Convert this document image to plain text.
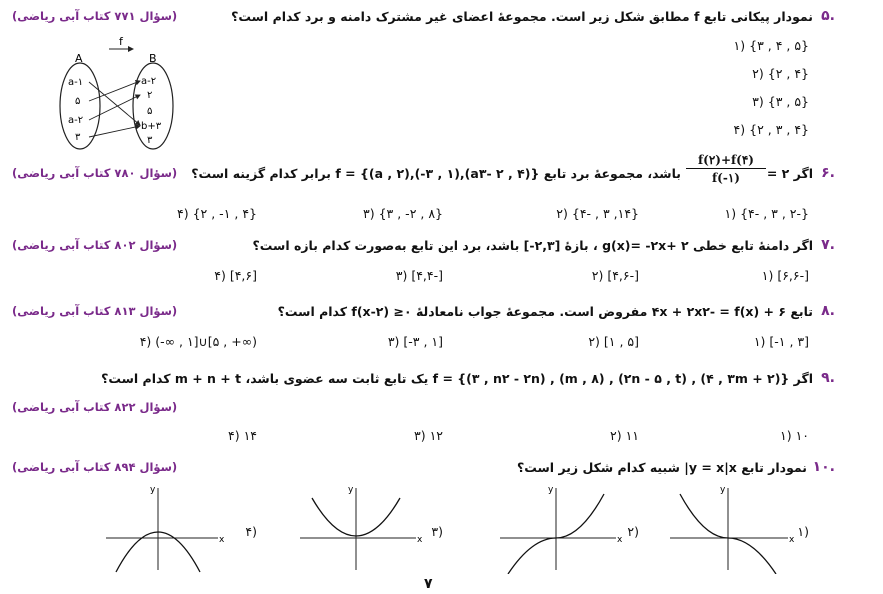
۵.
نمودار پیکانی تابع f مطابق شکل زیر است. مجموعهٔ اعضای غیر مشترک دامنه و برد کدام است؟
(سؤال ۷۷۱ کتاب آبی ریاضی)
۱) {۳ , ۴ , ۵}
۲) {۲ , ۴}
۳) {۳ , ۵}
۴) {۲ , ۳ , ۴}
f
A	B
a-۱
۵
a-۲
۳
a-۲
۲
۵
b+۳
۳
۶.
اگر ۲ =
$\frac{f(۲)+f(۴)}{f(-۱)}$
باشد، مجموعهٔ برد تابع {(a۳- ۲ , ۴),(۳ , ۱-),(a , ۲)} = f برابر کدام گزینه است؟
(سؤال ۷۸۰ کتاب آبی ریاضی)
۱) {۴- , ۳ , ۲-}
۲) {۴- , ۳ ,۱۴}
۳) {۳ , -۲ , ۸}
۴) {۲ , -۱ , ۴}
۷.
اگر دامنهٔ تابع خطی ۲ +g(x)= -۲x ، بازهٔ [۲,۳-] باشد، برد این تابع به‌صورت کدام بازه است؟
(سؤال ۸۰۲ کتاب آبی ریاضی)
۱) [۶,۶-]
۲) [۴,۶-]
۳) [۴,۴-]
۴) [۴,۶]
۸.
تابع ۶ + ۴x + ۲x۲- = f(x) مفروض است. مجموعهٔ جواب نامعادلهٔ ۰≤ f(x-۲) کدام است؟
(سؤال ۸۱۳ کتاب آبی ریاضی)
۱) [-۱ , ۳]
۲) [۱ , ۵]
۳) [-۳ , ۱]
۴) (-∞ , ۱]∪[۵ , +∞)
۹.
اگر f = {(۳ , n۲ - ۲n) , (m , ۸) , (۲n - ۵ , t) , (۴ , ۳m + ۲)} یک تابع ثابت سه عضوی باشد، m + n + t کدام است؟
(سؤال ۸۲۲ کتاب آبی ریاضی)
۱) ۱۰
۲) ۱۱
۳) ۱۲
۴) ۱۴
۱۰.
نمودار تابع y = x|x| شبیه کدام شکل زیر است؟
(سؤال ۸۹۴ کتاب آبی ریاضی)
۱)
x
y
۲)
x
y
۳)
x
y
۴)
x
y
۷
